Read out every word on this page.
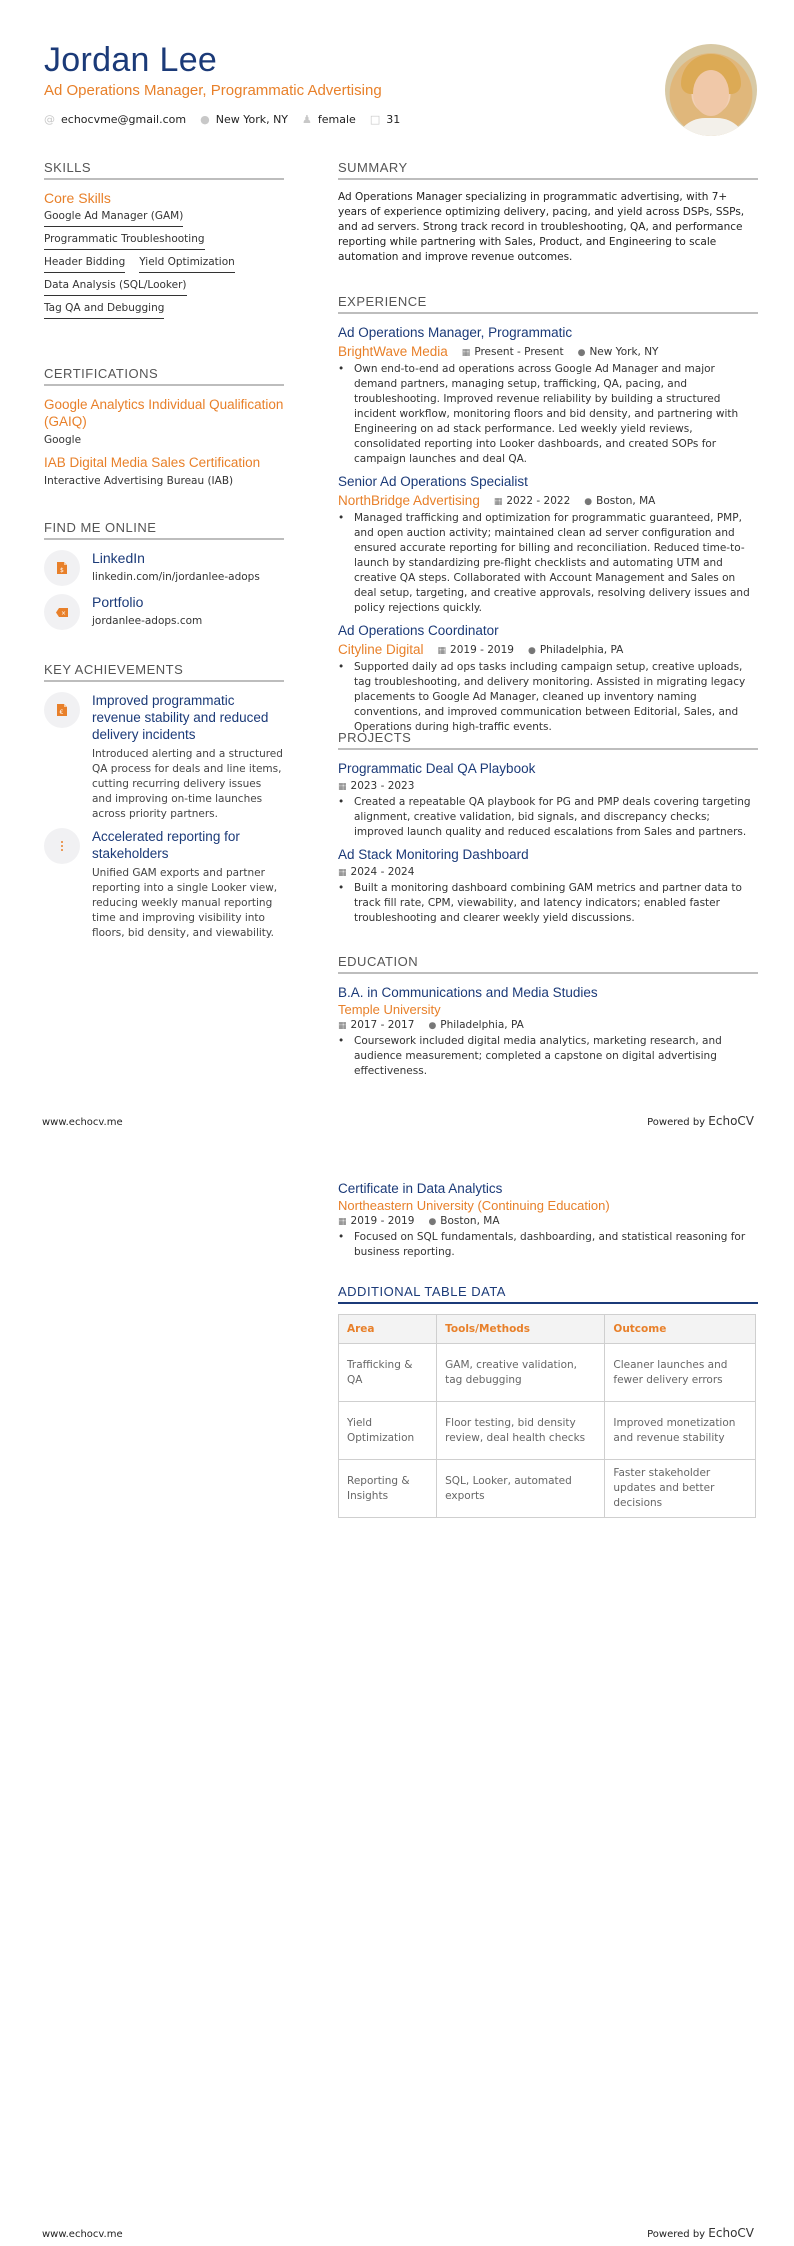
Jordan Lee
Ad Operations Manager, Programmatic Advertising
@ echocvme@gmail.com ● New York, NY ♟ female □ 31
SKILLS
Core Skills
Google Ad Manager (GAM)
Programmatic Troubleshooting
Header Bidding Yield Optimization
Data Analysis (SQL/Looker)
Tag QA and Debugging
CERTIFICATIONS
Google Analytics Individual Qualification (GAIQ)
Google
IAB Digital Media Sales Certification
Interactive Advertising Bureau (IAB)
FIND ME ONLINE
$
LinkedIn
linkedin.com/in/jordanlee-adops
×
Portfolio
jordanlee-adops.com
KEY ACHIEVEMENTS
€
Improved programmatic revenue stability and reduced delivery incidents
Introduced alerting and a structured QA process for deals and line items, cutting recurring delivery issues and improving on-time launches across priority partners.
Accelerated reporting for stakeholders
Unified GAM exports and partner reporting into a single Looker view, reducing weekly manual reporting time and improving visibility into floors, bid density, and viewability.
SUMMARY
Ad Operations Manager specializing in programmatic advertising, with 7+ years of experience optimizing delivery, pacing, and yield across DSPs, SSPs, and ad servers. Strong track record in troubleshooting, QA, and performance reporting while partnering with Sales, Product, and Engineering to scale automation and improve revenue outcomes.
EXPERIENCE
Ad Operations Manager, Programmatic
BrightWave Media ▦ Present - Present ● New York, NY
• Own end-to-end ad operations across Google Ad Manager and major demand partners, managing setup, trafficking, QA, pacing, and troubleshooting. Improved revenue reliability by building a structured incident workflow, monitoring floors and bid density, and partnering with Engineering on ad stack performance. Led weekly yield reviews, consolidated reporting into Looker dashboards, and created SOPs for campaign launches and deal QA.
Senior Ad Operations Specialist
NorthBridge Advertising ▦ 2022 - 2022 ● Boston, MA
• Managed trafficking and optimization for programmatic guaranteed, PMP, and open auction activity; maintained clean ad server configuration and ensured accurate reporting for billing and reconciliation. Reduced time-to-launch by standardizing pre-flight checklists and automating UTM and creative QA steps. Collaborated with Account Management and Sales on deal setup, targeting, and creative approvals, resolving delivery issues and policy rejections quickly.
Ad Operations Coordinator
Cityline Digital ▦ 2019 - 2019 ● Philadelphia, PA
• Supported daily ad ops tasks including campaign setup, creative uploads, tag troubleshooting, and delivery monitoring. Assisted in migrating legacy placements to Google Ad Manager, cleaned up inventory naming conventions, and improved communication between Editorial, Sales, and Operations during high-traffic events.
PROJECTS
Programmatic Deal QA Playbook
▦ 2023 - 2023
• Created a repeatable QA playbook for PG and PMP deals covering targeting alignment, creative validation, bid signals, and discrepancy checks; improved launch quality and reduced escalations from Sales and partners.
Ad Stack Monitoring Dashboard
▦ 2024 - 2024
• Built a monitoring dashboard combining GAM metrics and partner data to track fill rate, CPM, viewability, and latency indicators; enabled faster troubleshooting and clearer weekly yield discussions.
EDUCATION
B.A. in Communications and Media Studies
Temple University
▦ 2017 - 2017 ● Philadelphia, PA
• Coursework included digital media analytics, marketing research, and audience measurement; completed a capstone on digital advertising effectiveness.
www.echocv.me	Powered by EchoCV
Certificate in Data Analytics
Northeastern University (Continuing Education)
▦ 2019 - 2019 ● Boston, MA
• Focused on SQL fundamentals, dashboarding, and statistical reasoning for business reporting.
ADDITIONAL TABLE DATA
Area	Tools/Methods	Outcome
Trafficking & QA	GAM, creative validation, tag debugging	Cleaner launches and fewer delivery errors
Yield Optimization	Floor testing, bid density review, deal health checks	Improved monetization and revenue stability
Reporting & Insights	SQL, Looker, automated exports	Faster stakeholder updates and better decisions
www.echocv.me	Powered by EchoCV
